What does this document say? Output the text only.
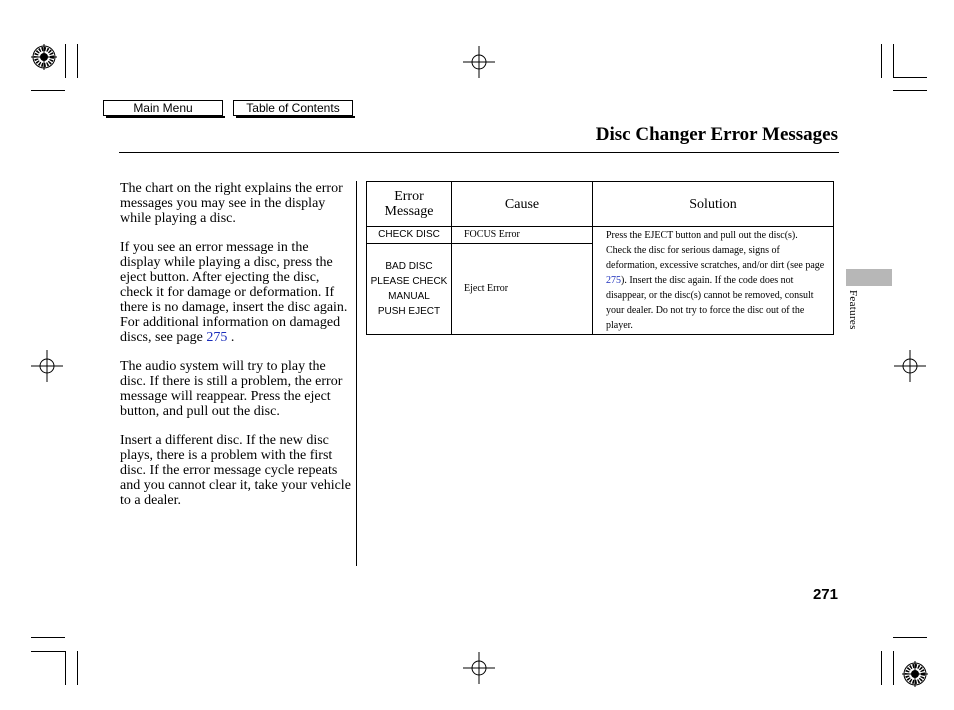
Main Menu	Table of Contents
Disc Changer Error Messages

The chart on the right explains the error messages you may see in the display while playing a disc.

If you see an error message in the display while playing a disc, press the eject button. After ejecting the disc, check it for damage or deformation. If there is no damage, insert the disc again.
For additional information on damaged discs, see page 275 .

The audio system will try to play the disc. If there is still a problem, the error message will reappear. Press the eject button, and pull out the disc.

Insert a different disc. If the new disc plays, there is a problem with the first disc. If the error message cycle repeats and you cannot clear it, take your vehicle to a dealer.

Error Message	Cause	Solution
CHECK DISC	FOCUS Error	Press the EJECT button and pull out the disc(s). Check the disc for serious damage, signs of deformation, excessive scratches, and/or dirt (see page 275). Insert the disc again. If the code does not disappear, or the disc(s) cannot be removed, consult your dealer. Do not try to force the disc out of the player.

BAD DISC
PLEASE CHECK
MANUAL
PUSH EJECT	Eject Error	
Features
271
